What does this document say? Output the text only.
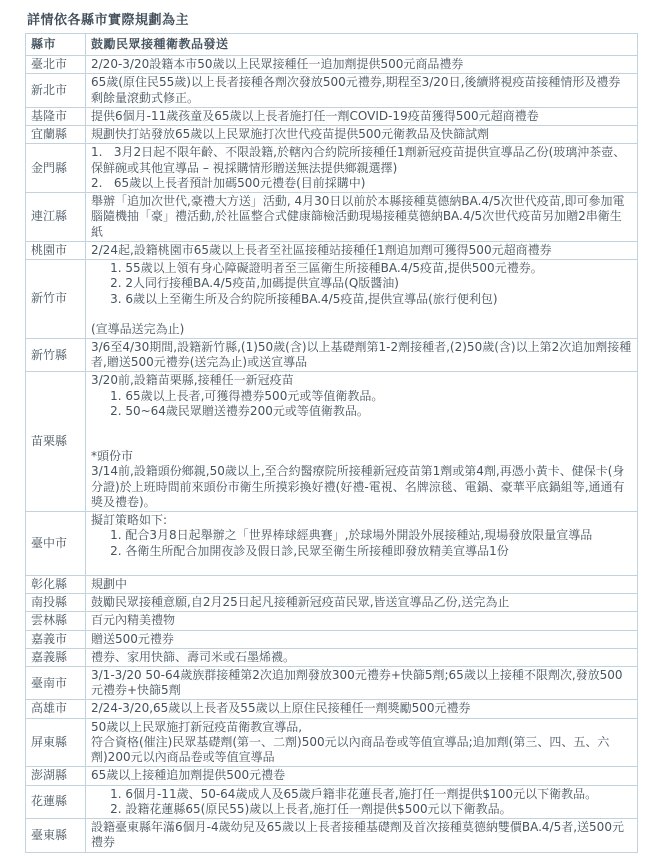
詳情依各縣市實際規劃為主
縣市	鼓勵民眾接種衛教品發送
臺北市	2/20-3/20設籍本市50歲以上民眾接種任一追加劑提供500元商品禮券

新北市	65歲(原住民55歲)以上長者接種各劑次發放500元禮券,期程至3/20日,後續將視疫苗接種情形及禮券剩餘量滾動式修正。

基隆市	提供6個月-11歲孩童及65歲以上長者施打任一劑COVID-19疫苗獲得500元超商禮卷

宜蘭縣	規劃快打站發放65歲以上民眾施打次世代疫苗提供500元衛教品及快篩試劑

金門縣	1.   3月2日起不限年齡、不限設籍,於轄內合約院所接種任1劑新冠疫苗提供宣導品乙份(玻璃沖茶壺、保鮮碗或其他宣導品 – 視採購情形贈送無法提供鄉親選擇)
2.   65歲以上長者預計加碼500元禮卷(目前採購中)

連江縣	舉辦「追加次世代,豪禮大方送」活動, 4月30日以前於本縣接種莫德納BA.4/5次世代疫苗,即可參加電腦隨機抽「豪」禮活動,於社區整合式健康篩檢活動現場接種莫德納BA.4/5次世代疫苗另加贈2串衛生紙

桃園市	2/24起,設籍桃園市65歲以上長者至社區接種站接種任1劑追加劑可獲得500元超商禮券

新竹市	1. 55歲以上領有身心障礙證明者至三區衛生所接種BA.4/5疫苗,提供500元禮券。
2. 2人同行接種BA.4/5疫苗,加碼提供宣導品(Q版醬油)
3. 6歲以上至衛生所及合約院所接種BA.4/5疫苗,提供宣導品(旅行便利包)
(宣導品送完為止)

新竹縣	3/6至4/30期間,設籍新竹縣,(1)50歲(含)以上基礎劑第1-2劑接種者,(2)50歲(含)以上第2次追加劑接種者,贈送500元禮券(送完為止)或送宣導品

苗栗縣	3/20前,設籍苗栗縣,接種任一新冠疫苗
1. 65歲以上長者,可獲得禮券500元或等值衛教品。
2. 50~64歲民眾贈送禮券200元或等值衛教品。
*頭份市
3/14前,設籍頭份鄉親,50歲以上,至合約醫療院所接種新冠疫苗第1劑或第4劑,再憑小黃卡、健保卡(身分證)於上班時間前來頭份市衛生所摸彩換好禮(好禮-電視、名牌涼毯、電鍋、豪華平底鍋組等,通通有獎及禮卷)。

臺中市	擬訂策略如下:
1. 配合3月8日起舉辦之「世界棒球經典賽」,於球場外開設外展接種站,現場發放限量宣導品
2. 各衛生所配合加開夜診及假日診,民眾至衛生所接種即發放精美宣導品1份

彰化縣	規劃中

南投縣	鼓勵民眾接種意願,自2月25日起凡接種新冠疫苗民眾,皆送宣導品乙份,送完為止

雲林縣	百元內精美禮物

嘉義市	贈送500元禮券

嘉義縣	禮券、家用快篩、壽司米或石墨烯襪。

臺南市	3/1-3/20 50-64歲族群接種第2次追加劑發放300元禮券+快篩5劑;65歲以上接種不限劑次,發放500元禮券+快篩5劑

高雄市	2/24-3/20,65歲以上長者及55歲以上原住民接種任一劑獎勵500元禮券

屏東縣	50歲以上民眾施打新冠疫苗衛教宣導品,
符合資格(催注)民眾基礎劑(第一、二劑)500元以內商品卷或等值宣導品;追加劑(第三、四、五、六劑)200元以內商品卷或等值宣導品

澎湖縣	65歲以上接種追加劑提供500元禮卷

花蓮縣	1. 6個月-11歲、50-64歲成人及65歲戶籍非花蓮長者,施打任一劑提供$100元以下衛教品。
2. 設籍花蓮縣65(原民55)歲以上長者,施打任一劑提供$500元以下衛教品。

臺東縣	設籍臺東縣年滿6個月-4歲幼兒及65歲以上長者接種基礎劑及首次接種莫德納雙價BA.4/5者,送500元禮券
